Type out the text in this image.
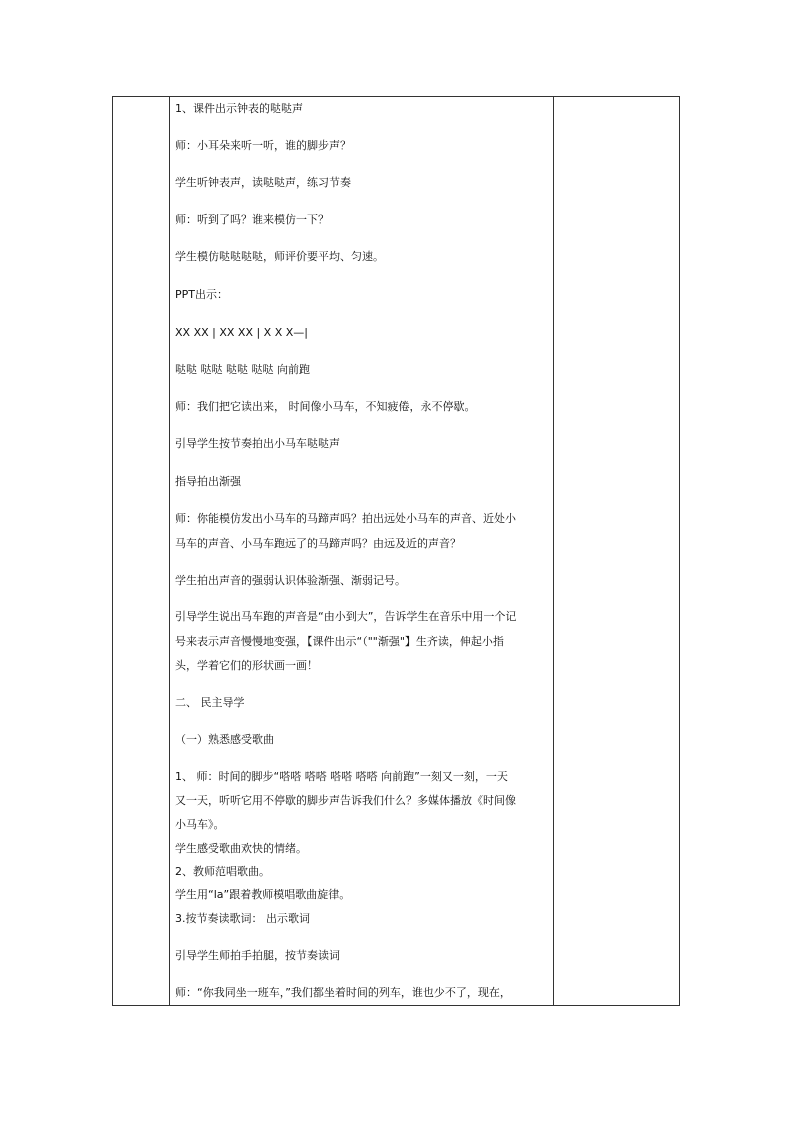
1、课件出示钟表的哒哒声
师：小耳朵来听一听，谁的脚步声？
学生听钟表声，读哒哒声，练习节奏
师：听到了吗？谁来模仿一下？
学生模仿哒哒哒哒，师评价要平均、匀速。
PPT出示：
XX XX | XX XX | X X X—|
哒哒 哒哒 哒哒 哒哒 向前跑
师：我们把它读出来， 时间像小马车，不知疲倦，永不停歇。
引导学生按节奏拍出小马车哒哒声
指导拍出渐强
师：你能模仿发出小马车的马蹄声吗？拍出远处小马车的声音、近处小
马车的声音、小马车跑远了的马蹄声吗？由远及近的声音？
学生拍出声音的强弱认识体验渐强、渐弱记号。
引导学生说出马车跑的声音是“由小到大”，告诉学生在音乐中用一个记
号来表示声音慢慢地变强，【课件出示“（""渐强"】生齐读，伸起小指
头，学着它们的形状画一画！
二、 民主导学
（一）熟悉感受歌曲
1、 师：时间的脚步“嗒嗒 嗒嗒 嗒嗒 嗒嗒 向前跑”一刻又一刻，一天
又一天，听听它用不停歇的脚步声告诉我们什么？多媒体播放《时间像
小马车》。
学生感受歌曲欢快的情绪。
2、教师范唱歌曲。
学生用“la”跟着教师模唱歌曲旋律。
3.按节奏读歌词： 出示歌词
引导学生师拍手拍腿，按节奏读词
师：“你我同坐一班车，”我们都坐着时间的列车，谁也少不了，现在，
